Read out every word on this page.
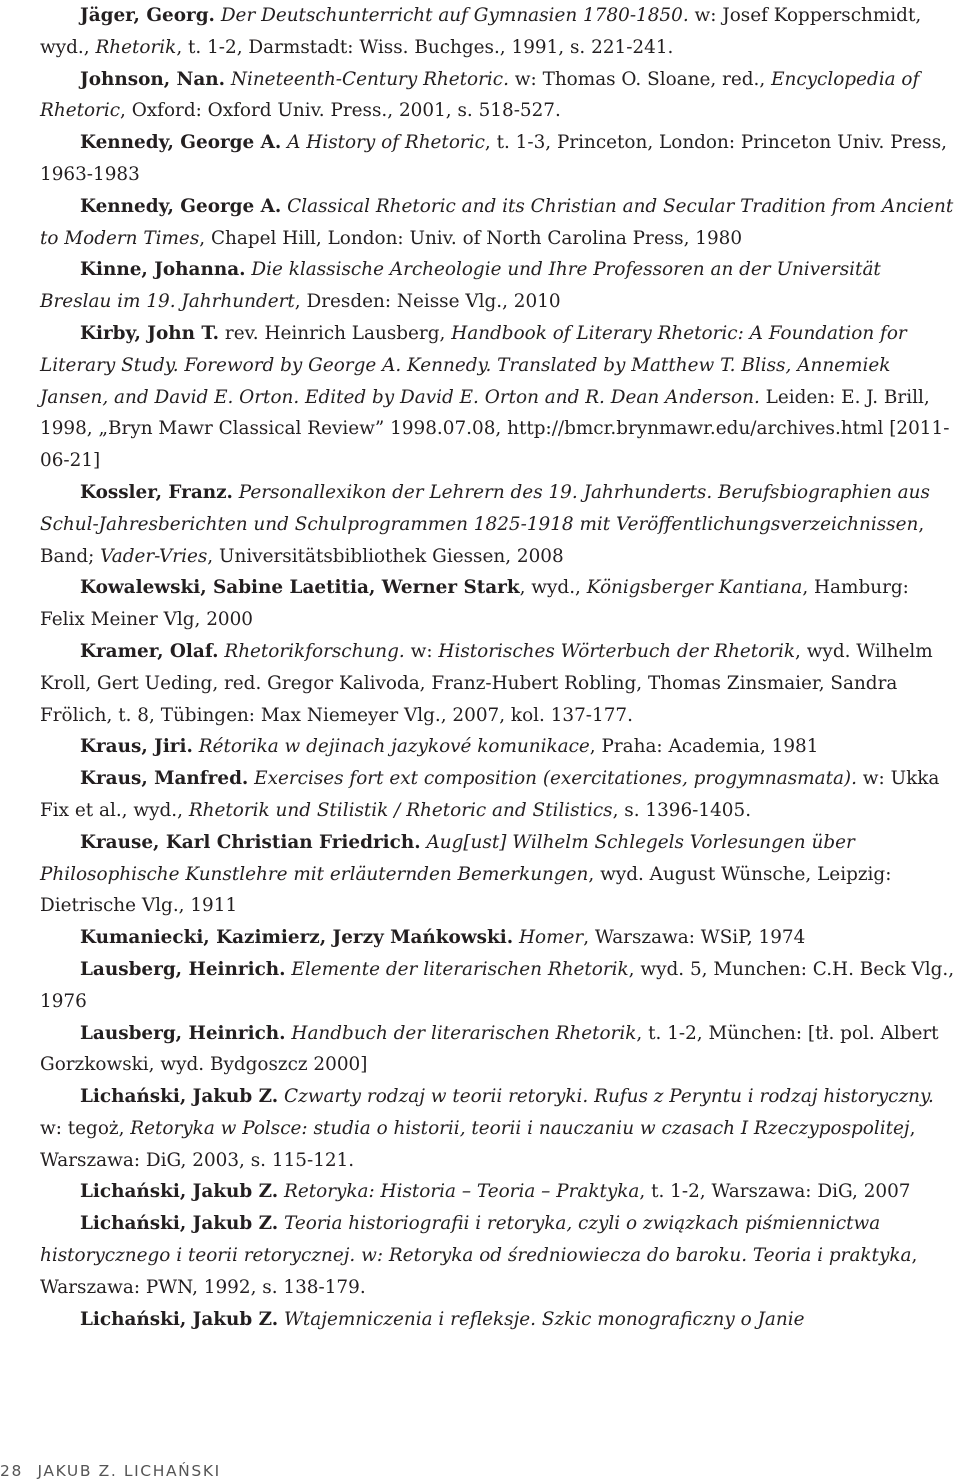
Jäger, Georg. Der Deutschunterricht auf Gymnasien 1780-1850. w: Josef Kopperschmidt, wyd., Rhetorik, t. 1-2, Darmstadt: Wiss. Buchges., 1991, s. 221-241.

Johnson, Nan. Nineteenth-Century Rhetoric. w: Thomas O. Sloane, red., Encyclopedia of Rhetoric, Oxford: Oxford Univ. Press., 2001, s. 518-527.

Kennedy, George A. A History of Rhetoric, t. 1-3, Princeton, London: Princeton Univ. Press, 1963-1983

Kennedy, George A. Classical Rhetoric and its Christian and Secular Tradition from Ancient to Modern Times, Chapel Hill, London: Univ. of North Carolina Press, 1980

Kinne, Johanna. Die klassische Archeologie und Ihre Professoren an der Universität Breslau im 19. Jahrhundert, Dresden: Neisse Vlg., 2010

Kirby, John T. rev. Heinrich Lausberg, Handbook of Literary Rhetoric: A Foundation for Literary Study. Foreword by George A. Kennedy. Translated by Matthew T. Bliss, Annemiek Jansen, and David E. Orton. Edited by David E. Orton and R. Dean Anderson. Leiden: E. J. Brill, 1998, „Bryn Mawr Classical Review” 1998.07.08, http://bmcr.brynmawr.edu/archives.html [2011-06-21]

Kossler, Franz. Personallexikon der Lehrern des 19. Jahrhunderts. Berufsbiographien aus Schul-Jahresberichten und Schulprogrammen 1825-1918 mit Veröffentlichungsverzeichnissen, Band; Vader-Vries, Universitätsbibliothek Giessen, 2008

Kowalewski, Sabine Laetitia, Werner Stark, wyd., Königsberger Kantiana, Hamburg: Felix Meiner Vlg, 2000

Kramer, Olaf. Rhetorikforschung. w: Historisches Wörterbuch der Rhetorik, wyd. Wilhelm Kroll, Gert Ueding, red. Gregor Kalivoda, Franz-Hubert Robling, Thomas Zinsmaier, Sandra Frölich, t. 8, Tübingen: Max Niemeyer Vlg., 2007, kol. 137-177.

Kraus, Jiri. Rétorika w dejinach jazykové komunikace, Praha: Academia, 1981

Kraus, Manfred. Exercises fort ext composition (exercitationes, progymnasmata). w: Ukka Fix et al., wyd., Rhetorik und Stilistik / Rhetoric and Stilistics, s. 1396-1405.

Krause, Karl Christian Friedrich. Aug[ust] Wilhelm Schlegels Vorlesungen über Philosophische Kunstlehre mit erläuternden Bemerkungen, wyd. August Wünsche, Leipzig: Dietrische Vlg., 1911

Kumaniecki, Kazimierz, Jerzy Mańkowski. Homer, Warszawa: WSiP, 1974

Lausberg, Heinrich. Elemente der literarischen Rhetorik, wyd. 5, Munchen: C.H. Beck Vlg., 1976

Lausberg, Heinrich. Handbuch der literarischen Rhetorik, t. 1-2, München: [tł. pol. Albert Gorzkowski, wyd. Bydgoszcz 2000]

Lichański, Jakub Z. Czwarty rodzaj w teorii retoryki. Rufus z Peryntu i rodzaj historyczny. w: tegoż, Retoryka w Polsce: studia o historii, teorii i nauczaniu w czasach I Rzeczypospolitej, Warszawa: DiG, 2003, s. 115-121.

Lichański, Jakub Z. Retoryka: Historia – Teoria – Praktyka, t. 1-2, Warszawa: DiG, 2007

Lichański, Jakub Z. Teoria historiografii i retoryka, czyli o związkach piśmiennictwa historycznego i teorii retorycznej. w: Retoryka od średniowiecza do baroku. Teoria i praktyka, Warszawa: PWN, 1992, s. 138-179.

Lichański, Jakub Z. Wtajemniczenia i refleksje. Szkic monograficzny o Janie

28 JAKUB Z. LICHAŃSKI
